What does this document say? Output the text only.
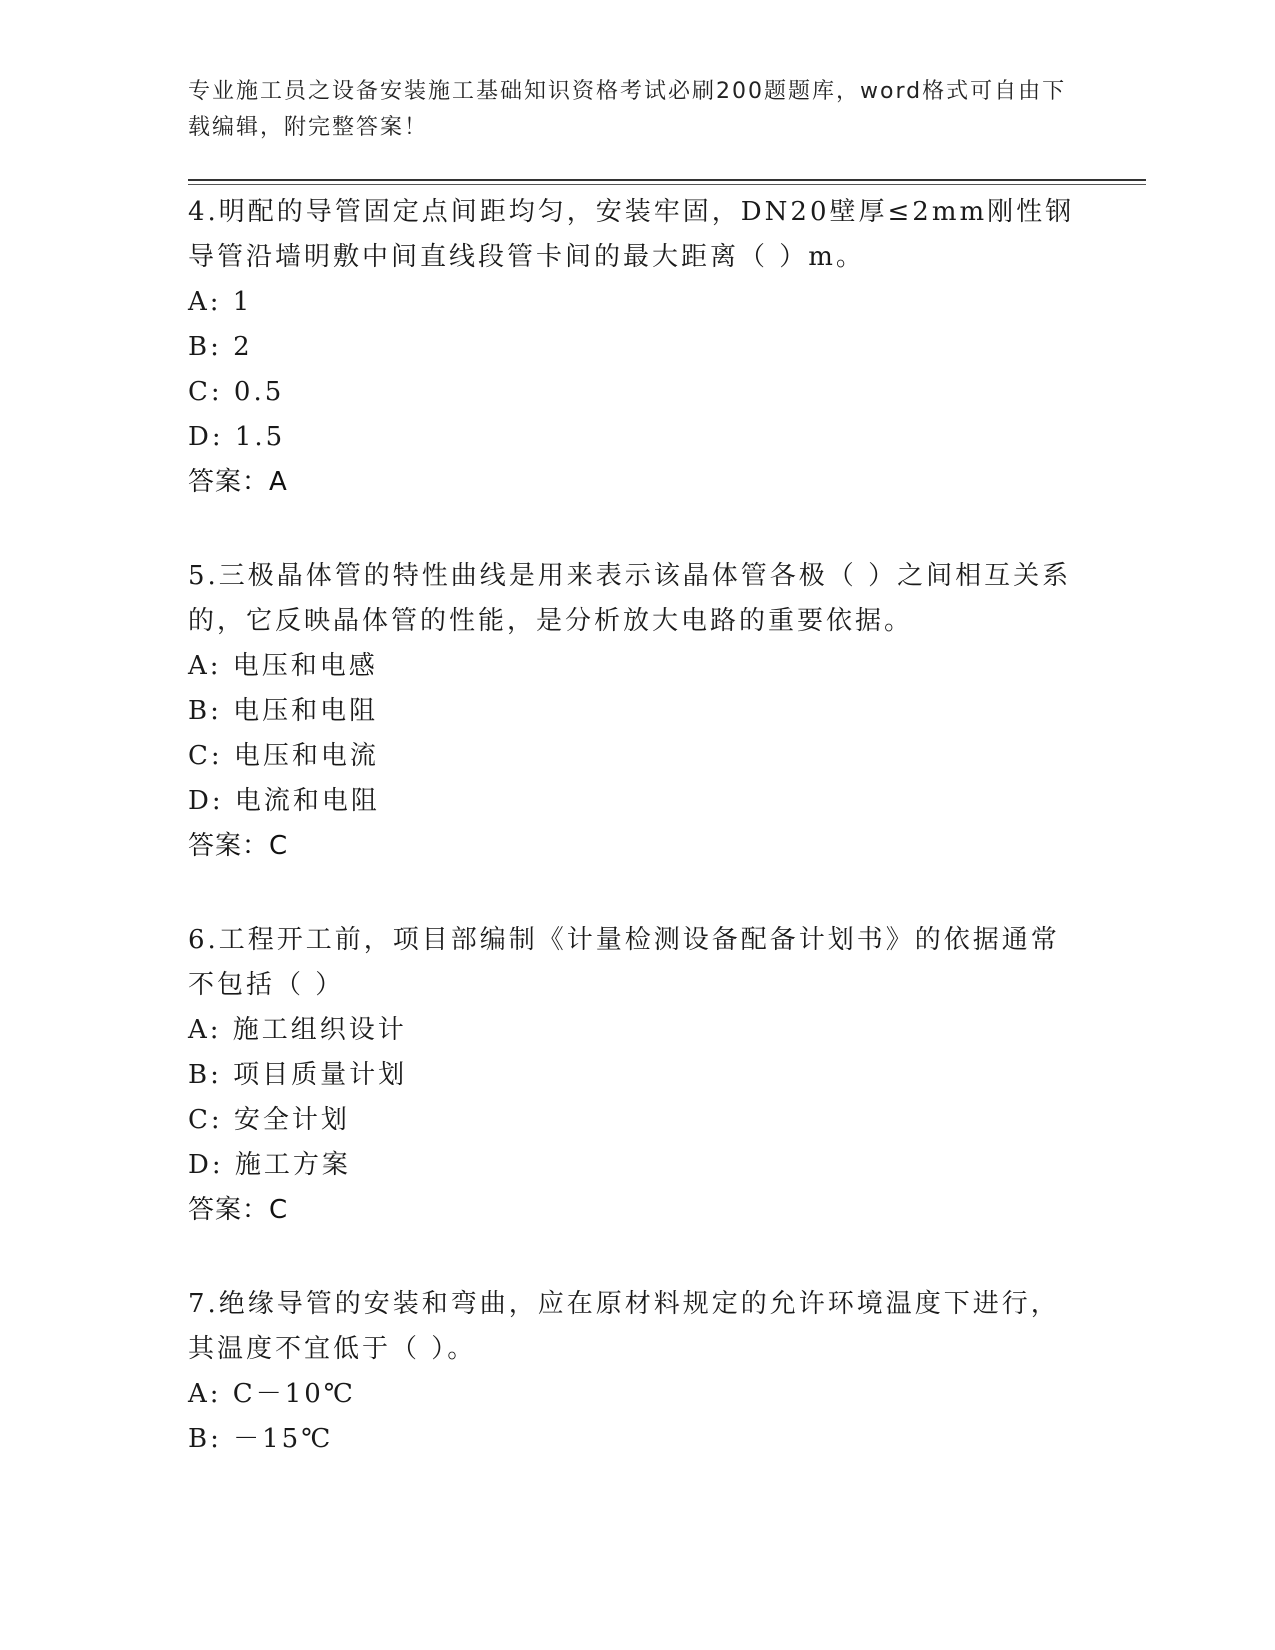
专业施工员之设备安装施工基础知识资格考试必刷200题题库，word格式可自由下载编辑，附完整答案！

4.明配的导管固定点间距均匀，安装牢固，DN20壁厚≤2mm刚性钢导管沿墙明敷中间直线段管卡间的最大距离（ ）m。

A: 1
B: 2
C: 0.5
D: 1.5
答案：A

5.三极晶体管的特性曲线是用来表示该晶体管各极（ ）之间相互关系的，它反映晶体管的性能，是分析放大电路的重要依据。

A: 电压和电感
B: 电压和电阻
C: 电压和电流
D: 电流和电阻
答案：C

6.工程开工前，项目部编制《计量检测设备配备计划书》的依据通常不包括（ ）

A: 施工组织设计
B: 项目质量计划
C: 安全计划
D: 施工方案
答案：C

7.绝缘导管的安装和弯曲，应在原材料规定的允许环境温度下进行，其温度不宜低于（ ）。

A: C－10℃
B: －15℃
